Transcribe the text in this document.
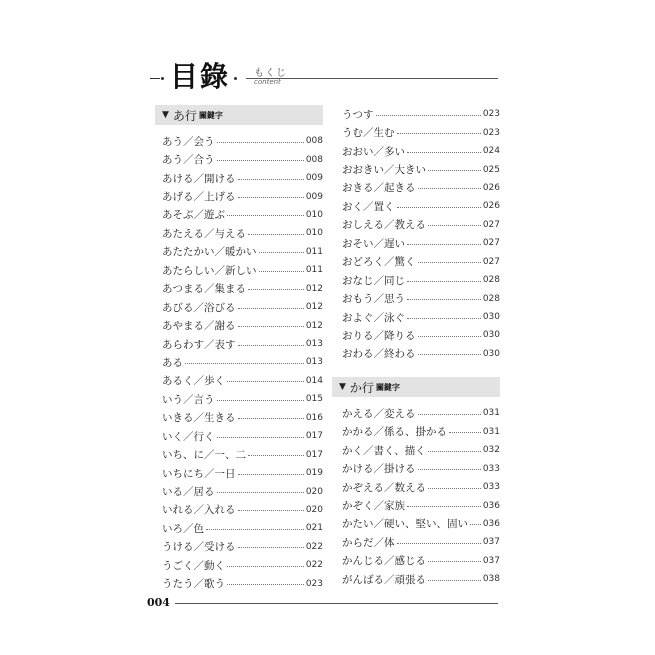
目錄 もくじ
content
▼ あ行 關鍵字
あう／会う	008
あう／合う	008
あける／開ける	009
あげる／上げる	009
あそぶ／遊ぶ	010
あたえる／与える	010
あたたかい／暖かい	011
あたらしい／新しい	011
あつまる／集まる	012
あびる／浴びる	012
あやまる／謝る	012
あらわす／表す	013
ある	013
あるく／歩く	014
いう／言う	015
いきる／生きる	016
いく／行く	017
いち、に／一、二	017
いちにち／一日	019
いる／居る	020
いれる／入れる	020
いろ／色	021
うける／受ける	022
うごく／動く	022
うたう／歌う	023
うつす	023
うむ／生む	023
おおい／多い	024
おおきい／大きい	025
おきる／起きる	026
おく／置く	026
おしえる／教える	027
おそい／遅い	027
おどろく／驚く	027
おなじ／同じ	028
おもう／思う	028
およぐ／泳ぐ	030
おりる／降りる	030
おわる／終わる	030
▼ か行 關鍵字
かえる／変える	031
かかる／係る、掛かる	031
かく／書く、描く	032
かける／掛ける	033
かぞえる／数える	033
かぞく／家族	036
かたい／硬い、堅い、固い 036
からだ／体	037
かんじる／感じる	037
がんばる／頑張る	038
004
